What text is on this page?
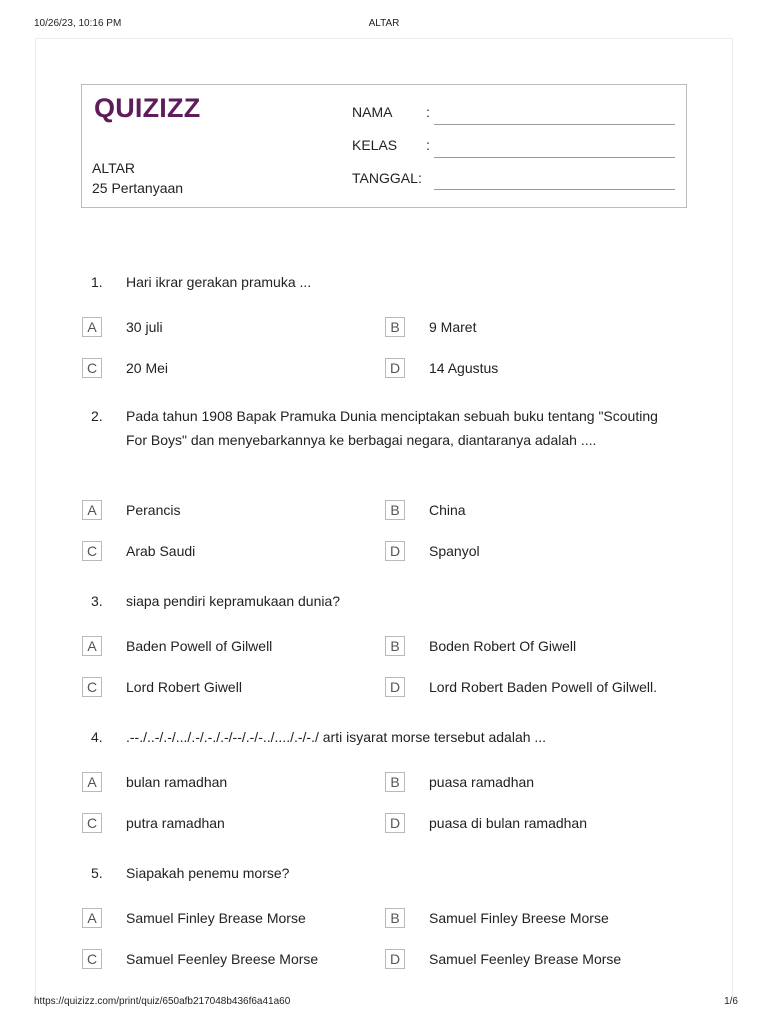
10/26/23, 10:16 PM	ALTAR
QUIZIZZ
ALTAR
25 Pertanyaan
NAMA :
KELAS :
TANGGAL :
1. Hari ikrar gerakan pramuka ...
A	30 juli	B	9 Maret
C	20 Mei	D	14 Agustus
2. Pada tahun 1908 Bapak Pramuka Dunia menciptakan sebuah buku tentang "Scouting For Boys" dan menyebarkannya ke berbagai negara, diantaranya adalah ....
A	Perancis	B	China
C	Arab Saudi	D	Spanyol
3. siapa pendiri kepramukaan dunia?
A	Baden Powell of Gilwell	B	Boden Robert Of Giwell
C	Lord Robert Giwell	D	Lord Robert Baden Powell of Gilwell.
4. .--./..-/.-/.../.-/.-./.-/--/.-/-../..../.-/-./ arti isyarat morse tersebut adalah ...
A	bulan ramadhan	B	puasa ramadhan
C	putra ramadhan	D	puasa di bulan ramadhan
5. Siapakah penemu morse?
A	Samuel Finley Brease Morse	B	Samuel Finley Breese Morse
C	Samuel Feenley Breese Morse	D	Samuel Feenley Brease Morse
https://quizizz.com/print/quiz/650afb217048b436f6a41a60	1/6
